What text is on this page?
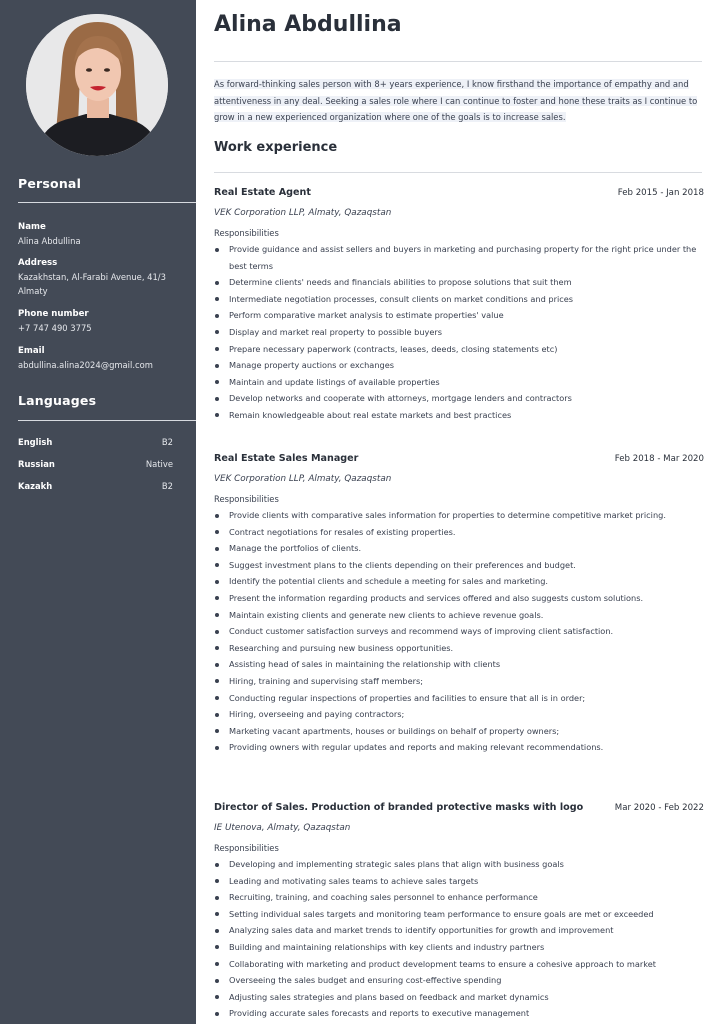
Personal
Name
Alina Abdullina
Address
Kazakhstan, Al-Farabi Avenue, 41/3 Almaty
Phone number
+7 747 490 3775
Email
abdullina.alina2024@gmail.com
Languages
English	B2
Russian	Native
Kazakh	B2
Alina Abdullina
As forward-thinking sales person with 8+ years experience, I know firsthand the importance of empathy and and attentiveness in any deal. Seeking a sales role where I can continue to foster and hone these traits as I continue to grow in a new experienced organization where one of the goals is to increase sales.
Work experience
Real Estate Agent	Feb 2015 - Jan 2018
VEK Corporation LLP, Almaty, Qazaqstan
Responsibilities
Provide guidance and assist sellers and buyers in marketing and purchasing property for the right price under the best terms
Determine clients' needs and financials abilities to propose solutions that suit them
Intermediate negotiation processes, consult clients on market conditions and prices
Perform comparative market analysis to estimate properties' value
Display and market real property to possible buyers
Prepare necessary paperwork (contracts, leases, deeds, closing statements etc)
Manage property auctions or exchanges
Maintain and update listings of available properties
Develop networks and cooperate with attorneys, mortgage lenders and contractors
Remain knowledgeable about real estate markets and best practices
Real Estate Sales Manager	Feb 2018 - Mar 2020
VEK Corporation LLP, Almaty, Qazaqstan
Responsibilities
Provide clients with comparative sales information for properties to determine competitive market pricing.
Contract negotiations for resales of existing properties.
Manage the portfolios of clients.
Suggest investment plans to the clients depending on their preferences and budget.
Identify the potential clients and schedule a meeting for sales and marketing.
Present the information regarding products and services offered and also suggests custom solutions.
Maintain existing clients and generate new clients to achieve revenue goals.
Conduct customer satisfaction surveys and recommend ways of improving client satisfaction.
Researching and pursuing new business opportunities.
Assisting head of sales in maintaining the relationship with clients
Hiring, training and supervising staff members;
Conducting regular inspections of properties and facilities to ensure that all is in order;
Hiring, overseeing and paying contractors;
Marketing vacant apartments, houses or buildings on behalf of property owners;
Providing owners with regular updates and reports and making relevant recommendations.
Director of Sales. Production of branded protective masks with logo	Mar 2020 - Feb 2022
IE Utenova, Almaty, Qazaqstan
Responsibilities
Developing and implementing strategic sales plans that align with business goals
Leading and motivating sales teams to achieve sales targets
Recruiting, training, and coaching sales personnel to enhance performance
Setting individual sales targets and monitoring team performance to ensure goals are met or exceeded
Analyzing sales data and market trends to identify opportunities for growth and improvement
Building and maintaining relationships with key clients and industry partners
Collaborating with marketing and product development teams to ensure a cohesive approach to market
Overseeing the sales budget and ensuring cost-effective spending
Adjusting sales strategies and plans based on feedback and market dynamics
Providing accurate sales forecasts and reports to executive management
